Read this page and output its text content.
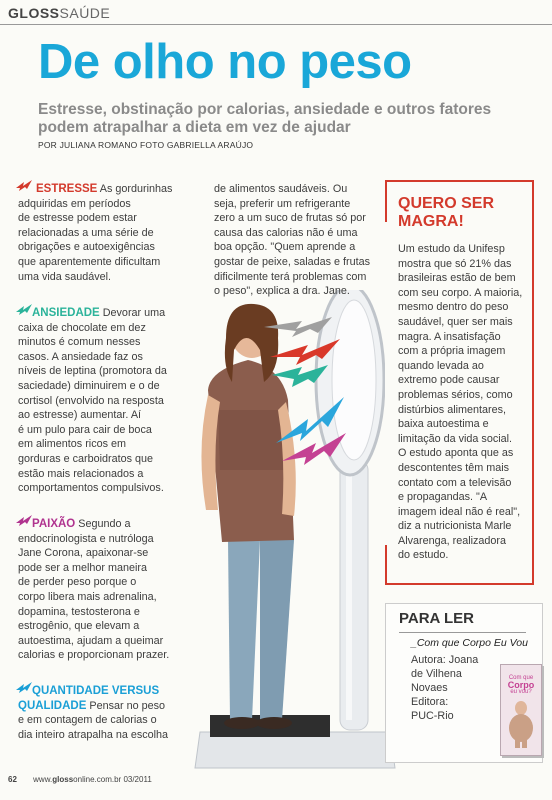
GLOSSSAÚDE
De olho no peso
Estresse, obstinação por calorias, ansiedade e outros fatores
podem atrapalhar a dieta em vez de ajudar
POR JULIANA ROMANO FOTO GABRIELLA ARAÚJO
ESTRESSE As gordurinhas
adquiridas em períodos
de estresse podem estar
relacionadas a uma série de
obrigações e autoexigências
que aparentemente dificultam
uma vida saudável.
ANSIEDADE Devorar uma
caixa de chocolate em dez
minutos é comum nesses
casos. A ansiedade faz os
níveis de leptina (promotora da
saciedade) diminuirem e o de
cortisol (envolvido na resposta
ao estresse) aumentar. Aí
é um pulo para cair de boca
em alimentos ricos em
gorduras e carboidratos que
estão mais relacionados a
comportamentos compulsivos.
PAIXÃO Segundo a
endocrinologista e nutróloga
Jane Corona, apaixonar-se
pode ser a melhor maneira
de perder peso porque o
corpo libera mais adrenalina,
dopamina, testosterona e
estrogênio, que elevam a
autoestima, ajudam a queimar
calorias e proporcionam prazer.
QUANTIDADE VERSUS
QUALIDADE Pensar no peso
e em contagem de calorias o
dia inteiro atrapalha na escolha
de alimentos saudáveis. Ou
seja, preferir um refrigerante
zero a um suco de frutas só por
causa das calorias não é uma
boa opção. "Quem aprende a
gostar de peixe, saladas e frutas
dificilmente terá problemas com
o peso", explica a dra. Jane.
QUERO SER
MAGRA!
Um estudo da Unifesp
mostra que só 21% das
brasileiras estão de bem
com seu corpo. A maioria,
mesmo dentro do peso
saudável, quer ser mais
magra. A insatisfação
com a própria imagem
quando levada ao
extremo pode causar
problemas sérios, como
distúrbios alimentares,
baixa autoestima e
limitação da vida social.
O estudo aponta que as
descontentes têm mais
contato com a televisão
e propagandas. "A
imagem ideal não é real",
diz a nutricionista Marle
Alvarenga, realizadora
do estudo.
PARA LER
_Com que Corpo Eu Vou
Autora: Joana
de Vilhena
Novaes
Editora:
PUC-Rio
Com que
Corpo
eu vou?
62 www.glossonline.com.br 03/2011
